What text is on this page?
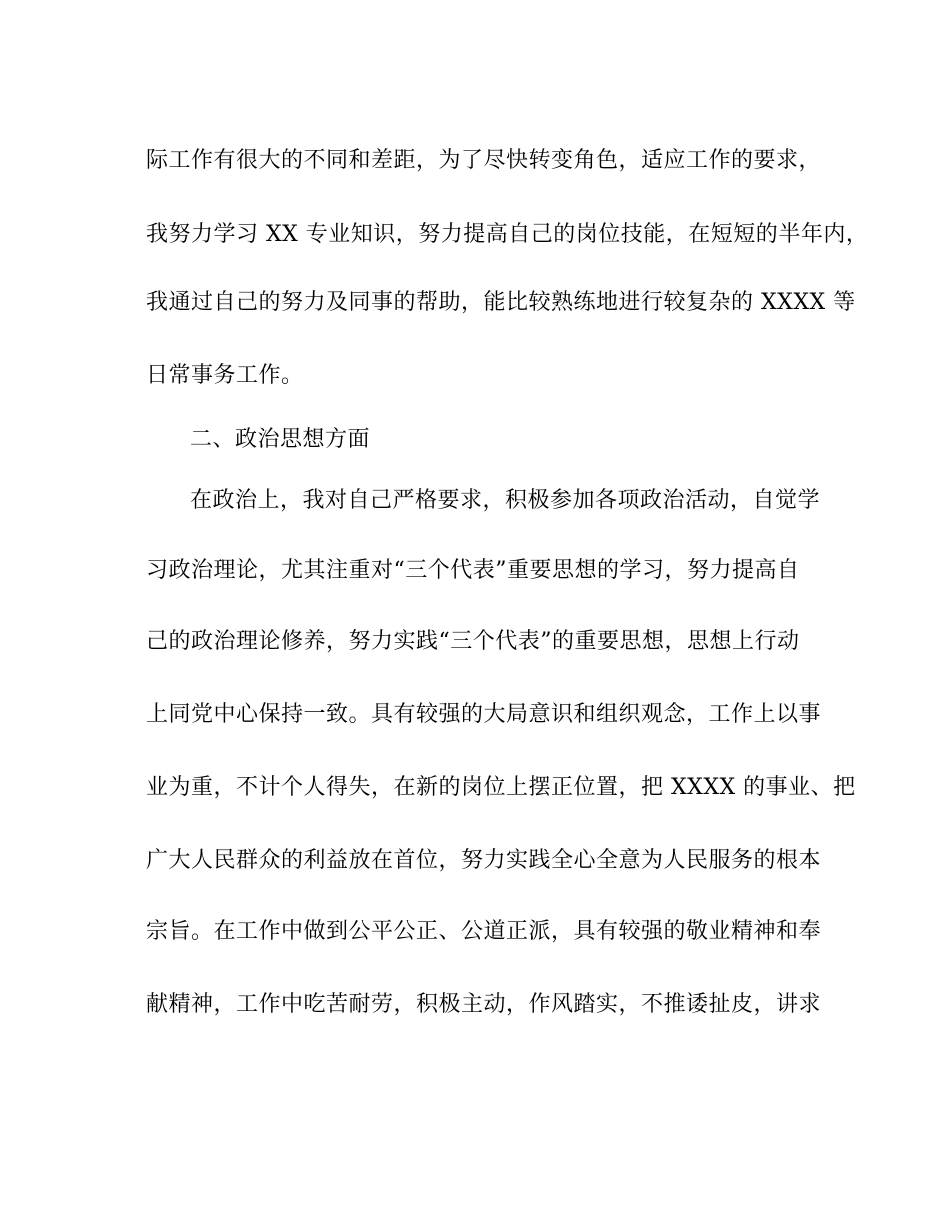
际工作有很大的不同和差距，为了尽快转变角色，适应工作的要求，
我努力学习 XX 专业知识，努力提高自己的岗位技能，在短短的半年内，
我通过自己的努力及同事的帮助，能比较熟练地进行较复杂的 XXXX 等
日常事务工作。
二、政治思想方面
在政治上，我对自己严格要求，积极参加各项政治活动，自觉学
习政治理论，尤其注重对“三个代表”重要思想的学习，努力提高自
己的政治理论修养，努力实践“三个代表”的重要思想，思想上行动
上同党中心保持一致。具有较强的大局意识和组织观念，工作上以事
业为重，不计个人得失，在新的岗位上摆正位置，把 XXXX 的事业、把
广大人民群众的利益放在首位，努力实践全心全意为人民服务的根本
宗旨。在工作中做到公平公正、公道正派，具有较强的敬业精神和奉
献精神，工作中吃苦耐劳，积极主动，作风踏实，不推诿扯皮，讲求
